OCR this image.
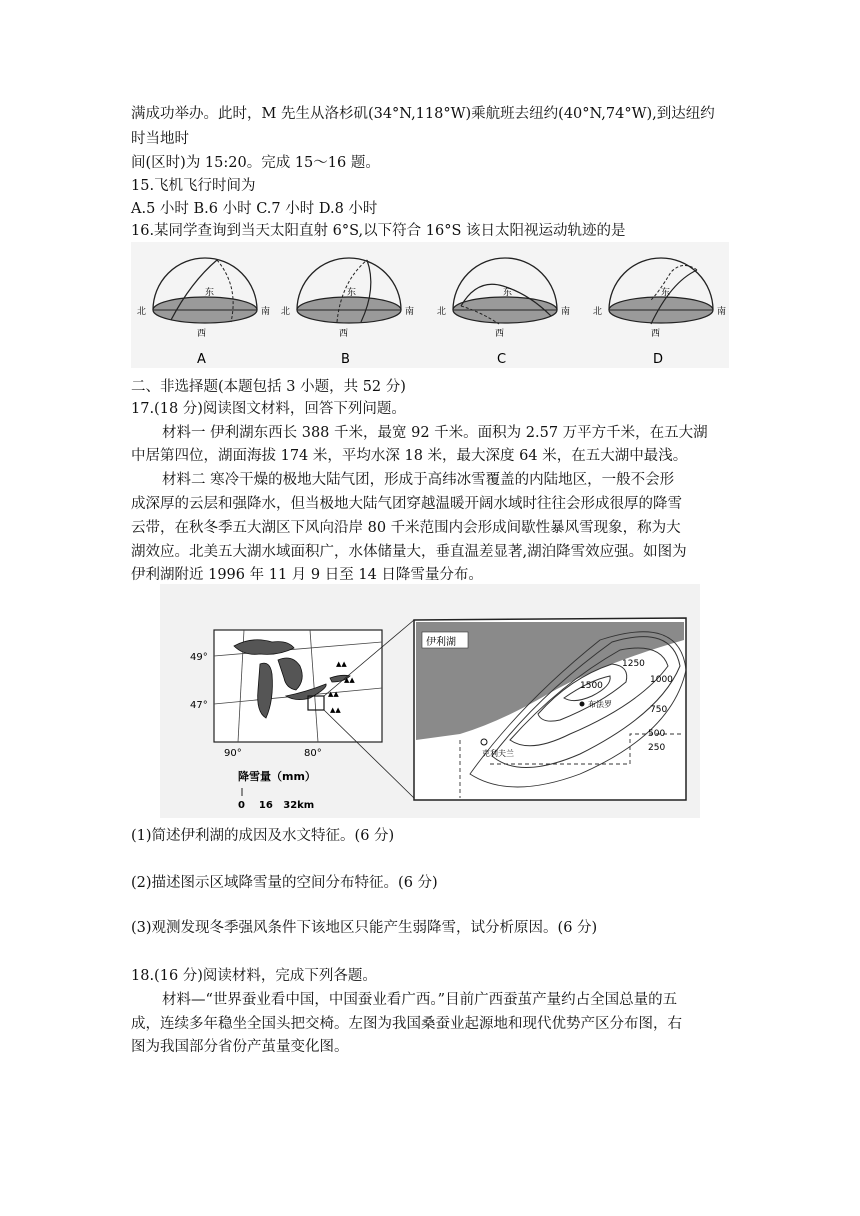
满成功举办。此时，M 先生从洛杉矶(34°N,118°W)乘航班去纽约(40°N,74°W),到达纽约
时当地时
间(区时)为 15:20。完成 15～16 题。
15.飞机飞行时间为
A.5 小时 B.6 小时 C.7 小时 D.8 小时
16.某同学查询到当天太阳直射 6°S,以下符合 16°S 该日太阳视运动轨迹的是
北	南
东
西
A
北	南
东
西
B
北	南
东
西
C
北	南
东
西
D
二、非选择题(本题包括 3 小题，共 52 分)
17.(18 分)阅读图文材料，回答下列问题。
材料一 伊利湖东西长 388 千米，最宽 92 千米。面积为 2.57 万平方千米，在五大湖
中居第四位，湖面海拔 174 米，平均水深 18 米，最大深度 64 米，在五大湖中最浅。
材料二 寒冷干燥的极地大陆气团，形成于高纬冰雪覆盖的内陆地区，一般不会形
成深厚的云层和强降水，但当极地大陆气团穿越温暖开阔水域时往往会形成很厚的降雪
云带，在秋冬季五大湖区下风向沿岸 80 千米范围内会形成间歇性暴风雪现象，称为大
湖效应。北美五大湖水域面积广，水体储量大，垂直温差显著,湖泊降雪效应强。如图为
伊利湖附近 1996 年 11 月 9 日至 14 日降雪量分布。
▲▲
▲▲
▲▲
▲▲
49°
47°
90°	80°
伊利湖
克利夫兰
布法罗
1500
1250
1000
750
500
250
降雪量（mm）
0    16   32km
(1)简述伊利湖的成因及水文特征。(6 分)
(2)描述图示区域降雪量的空间分布特征。(6 分)
(3)观测发现冬季强风条件下该地区只能产生弱降雪，试分析原因。(6 分)
18.(16 分)阅读材料，完成下列各题。
材料—“世界蚕业看中国，中国蚕业看广西。”目前广西蚕茧产量约占全国总量的五
成，连续多年稳坐全国头把交椅。左图为我国桑蚕业起源地和现代优势产区分布图，右
图为我国部分省份产茧量变化图。
